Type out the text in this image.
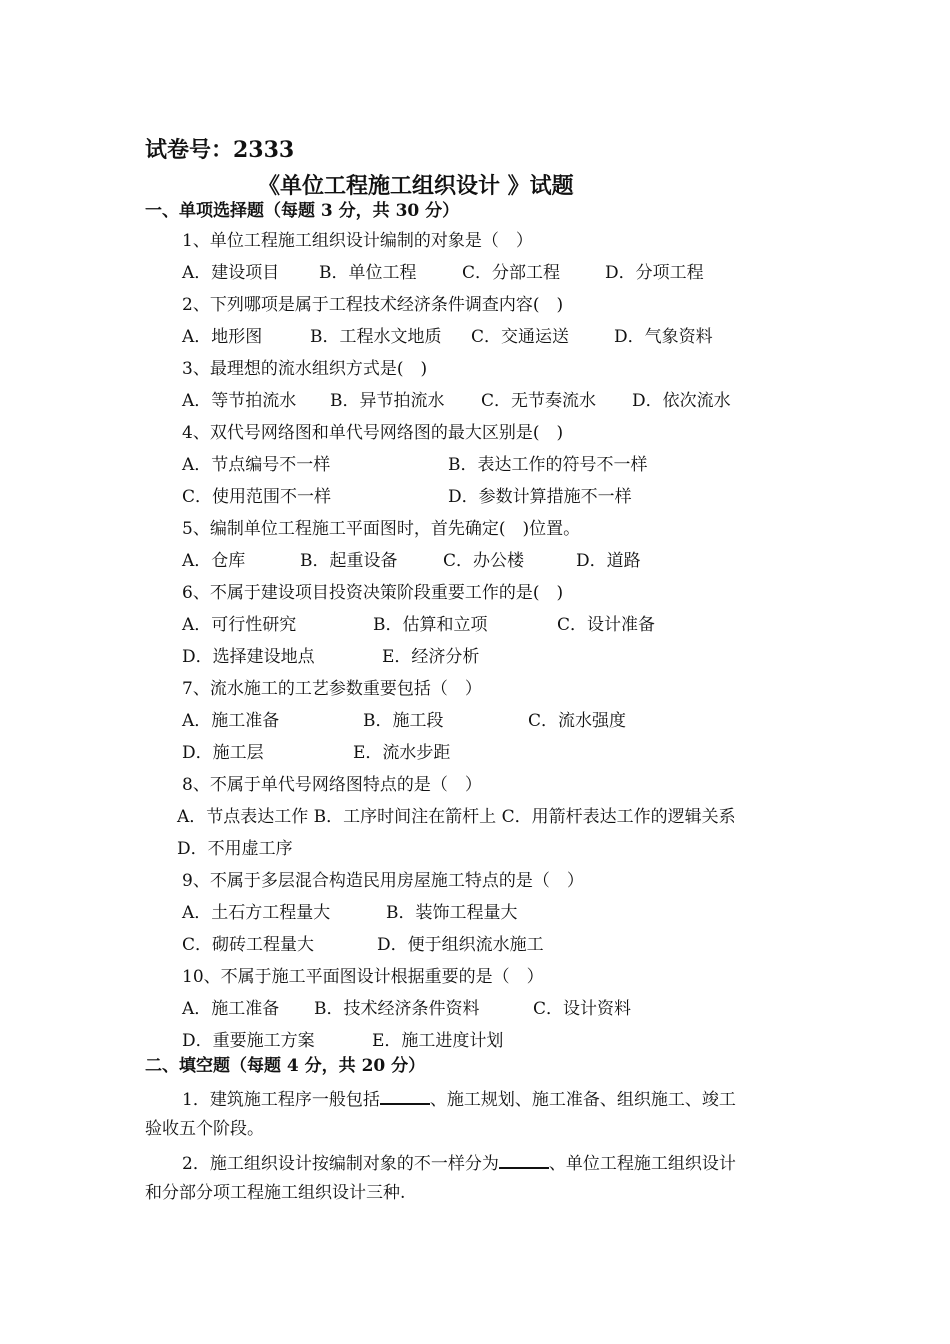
试卷号：2333
《单位工程施工组织设计 》试题
一、单项选择题（每题 3 分，共 30 分）
1、单位工程施工组织设计编制的对象是（　）
A．建设项目 B．单位工程	C．分部工程	D．分项工程
2、下列哪项是属于工程技术经济条件调查内容(　)
A．地形图	B．工程水文地质 C．交通运送	D．气象资料
3、最理想的流水组织方式是(　)
A．等节拍流水 B．异节拍流水 C．无节奏流水 D．依次流水
4、双代号网络图和单代号网络图的最大区别是(　)
A．节点编号不一样	B．表达工作的符号不一样
C．使用范围不一样	D．参数计算措施不一样
5、编制单位工程施工平面图时，首先确定(　)位置。
A．仓库	B．起重设备	C．办公楼	D．道路
6、不属于建设项目投资决策阶段重要工作的是(　)
A．可行性研究	B．估算和立项	C．设计准备
D．选择建设地点	E．经济分析
7、流水施工的工艺参数重要包括（　）
A．施工准备	B．施工段	C．流水强度
D．施工层	E．流水步距
8、不属于单代号网络图特点的是（　）
A．节点表达工作 B．工序时间注在箭杆上 C．用箭杆表达工作的逻辑关系
D．不用虚工序
9、不属于多层混合构造民用房屋施工特点的是（　）
A．土石方工程量大	B．装饰工程量大
C．砌砖工程量大	D．便于组织流水施工
10、不属于施工平面图设计根据重要的是（　）
A．施工准备 B．技术经济条件资料	C．设计资料
D．重要施工方案	E．施工进度计划
二、填空题（每题 4 分，共 20 分）
1．建筑施工程序一般包括	、施工规划、施工准备、组织施工、竣工
验收五个阶段。
2．施工组织设计按编制对象的不一样分为	、单位工程施工组织设计
和分部分项工程施工组织设计三种.
